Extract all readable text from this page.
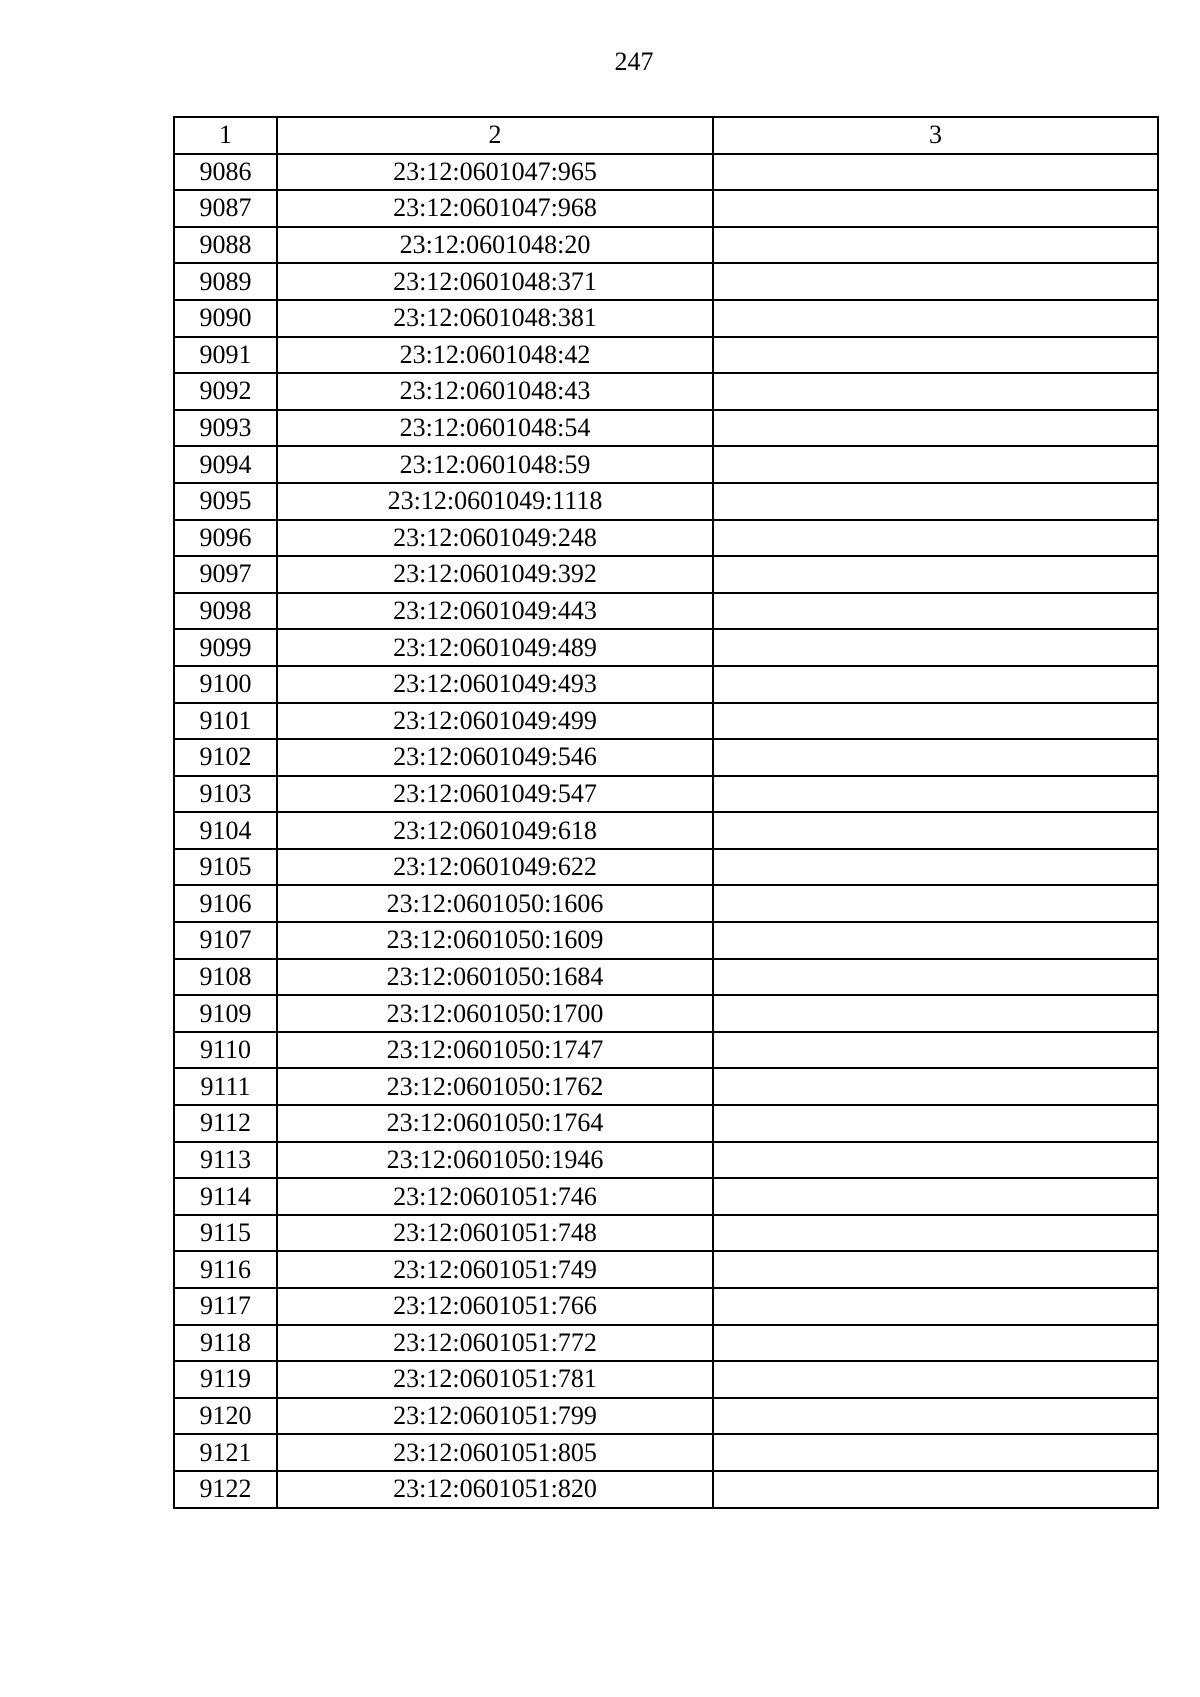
247
1	2	3
9086	23:12:0601047:965	
9087	23:12:0601047:968	
9088	23:12:0601048:20	
9089	23:12:0601048:371	
9090	23:12:0601048:381	
9091	23:12:0601048:42	
9092	23:12:0601048:43	
9093	23:12:0601048:54	
9094	23:12:0601048:59	
9095	23:12:0601049:1118	
9096	23:12:0601049:248	
9097	23:12:0601049:392	
9098	23:12:0601049:443	
9099	23:12:0601049:489	
9100	23:12:0601049:493	
9101	23:12:0601049:499	
9102	23:12:0601049:546	
9103	23:12:0601049:547	
9104	23:12:0601049:618	
9105	23:12:0601049:622	
9106	23:12:0601050:1606	
9107	23:12:0601050:1609	
9108	23:12:0601050:1684	
9109	23:12:0601050:1700	
9110	23:12:0601050:1747	
9111	23:12:0601050:1762	
9112	23:12:0601050:1764	
9113	23:12:0601050:1946	
9114	23:12:0601051:746	
9115	23:12:0601051:748	
9116	23:12:0601051:749	
9117	23:12:0601051:766	
9118	23:12:0601051:772	
9119	23:12:0601051:781	
9120	23:12:0601051:799	
9121	23:12:0601051:805	
9122	23:12:0601051:820	
